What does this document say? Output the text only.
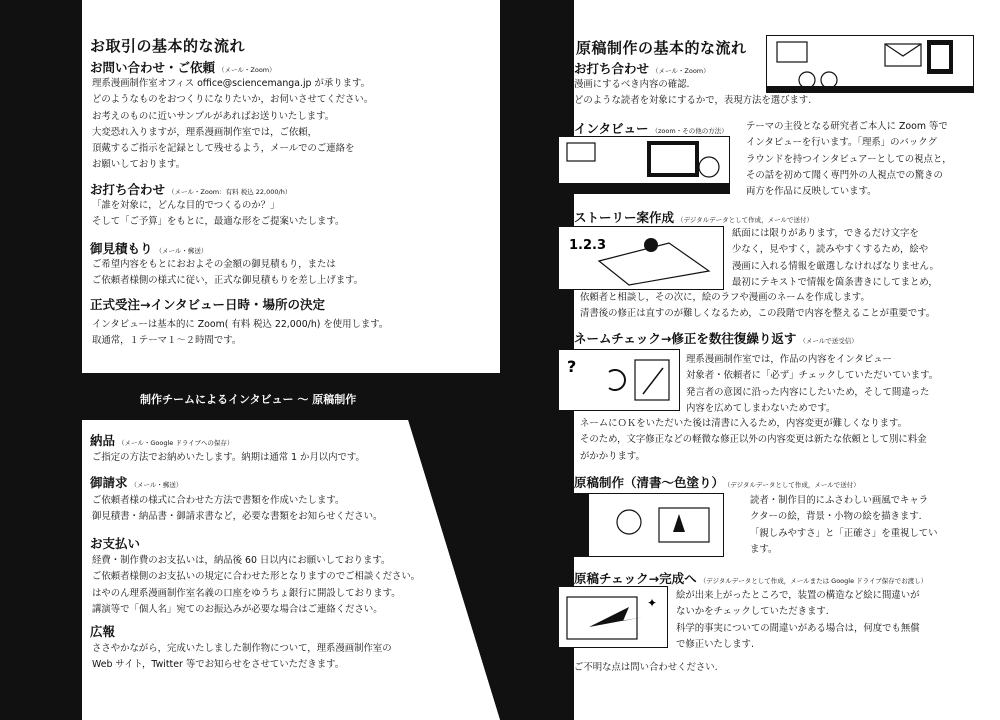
お取引の基本的な流れ
1 お問い合わせ・ご依頼 （メール・Zoom）
理系漫画制作室オフィス office@sciencemanga.jp が承ります。
どのようなものをおつくりになりたいか，お伺いさせてください。
お考えのものに近いサンプルがあればお送りいたします。
大変恐れ入りますが，理系漫画制作室では，ご依頼，
頂戴するご指示を記録として残せるよう，メールでのご連絡を
お願いしております。
2 お打ち合わせ （メール・Zoom：有料 税込 22,000/h）
「誰を対象に，どんな目的でつくるのか？」
そして「ご予算」をもとに，最適な形をご提案いたします。
3 御見積もり （メール・郵送）
ご希望内容をもとにおおよその金額の御見積もり，または
ご依頼者様側の様式に従い，正式な御見積もりを差し上げます。
4 正式受注→インタビュー日時・場所の決定
インタビューは基本的に Zoom( 有料 税込 22,000/h) を使用します。
取通常，１テーマ１～２時間です。
制作チームによるインタビュー 〜 原稿制作
5 納品 （メール・Google ドライブへの保存）
ご指定の方法でお納めいたします。納期は通常 1 か月以内です。
6 御請求 （メール・郵送）
ご依頼者様の様式に合わせた方法で書類を作成いたします。
御見積書・納品書・御請求書など，必要な書類をお知らせください。
7 お支払い
経費・制作費のお支払いは，納品後 60 日以内にお願いしております。
ご依頼者様側のお支払いの規定に合わせた形となりますのでご相談ください。
はやのん理系漫画制作室名義の口座をゆうちょ銀行に開設しております。
講演等で「個人名」宛てのお振込みが必要な場合はご連絡ください。
8 広報
ささやかながら，完成いたしました制作物について，理系漫画制作室の
Web サイト，Twitter 等でお知らせをさせていただきます。
原稿制作の基本的な流れ
1 お打ち合わせ （メール・Zoom）
漫画にするべき内容の確認.
どのような読者を対象にするかで，表現方法を選びます.
2 インタビュー （zoom・その他の方法） テーマの主役となる研究者ご本人に Zoom 等で
インタビューを行います。「理系」のバックグ
ラウンドを持つインタビュアーとしての視点と，
その話を初めて聞く専門外の人視点での驚きの
両方を作品に反映しています。
3 ストーリー案作成 （デジタルデータとして作成，メールで送付）
1.2.3
紙面には限りがあります，できるだけ文字を
少なく，見やすく，読みやすくするため，絵や
漫画に入れる情報を厳選しなければなりません。
最初にテキストで情報を箇条書きにしてまとめ，
依頼者と相談し，その次に，絵のラフや漫画のネームを作成します。
清書後の修正は直すのが難しくなるため，この段階で内容を整えることが重要です。
4 ネームチェック→修正を数往復繰り返す （メールで送受信）
?	理系漫画制作室では，作品の内容をインタビュー
対象者・依頼者に「必ず」チェックしていただいています。
発言者の意図に沿った内容にしたいため，そして間違った
内容を広めてしまわないためです。
ネームにＯＫをいただいた後は清書に入るため，内容変更が難しくなります。
そのため，文字修正などの軽微な修正以外の内容変更は新たな依頼として別に料金
がかかります。
5 原稿制作（清書〜色塗り） （デジタルデータとして作成，メールで送付）
読者・制作目的にふさわしい画風でキャラ
クターの絵，背景・小物の絵を描きます.
「親しみやすさ」と「正確さ」を重視してい
ます。
6 原稿チェック→完成へ （デジタルデータとして作成，メールまたは Google ドライブ保存でお渡し）
✦
絵が出来上がったところで，装置の構造など絵に間違いが
ないかをチェックしていただきます.
科学的事実についての間違いがある場合は，何度でも無償
で修正いたします.
ご不明な点は問い合わせください.
